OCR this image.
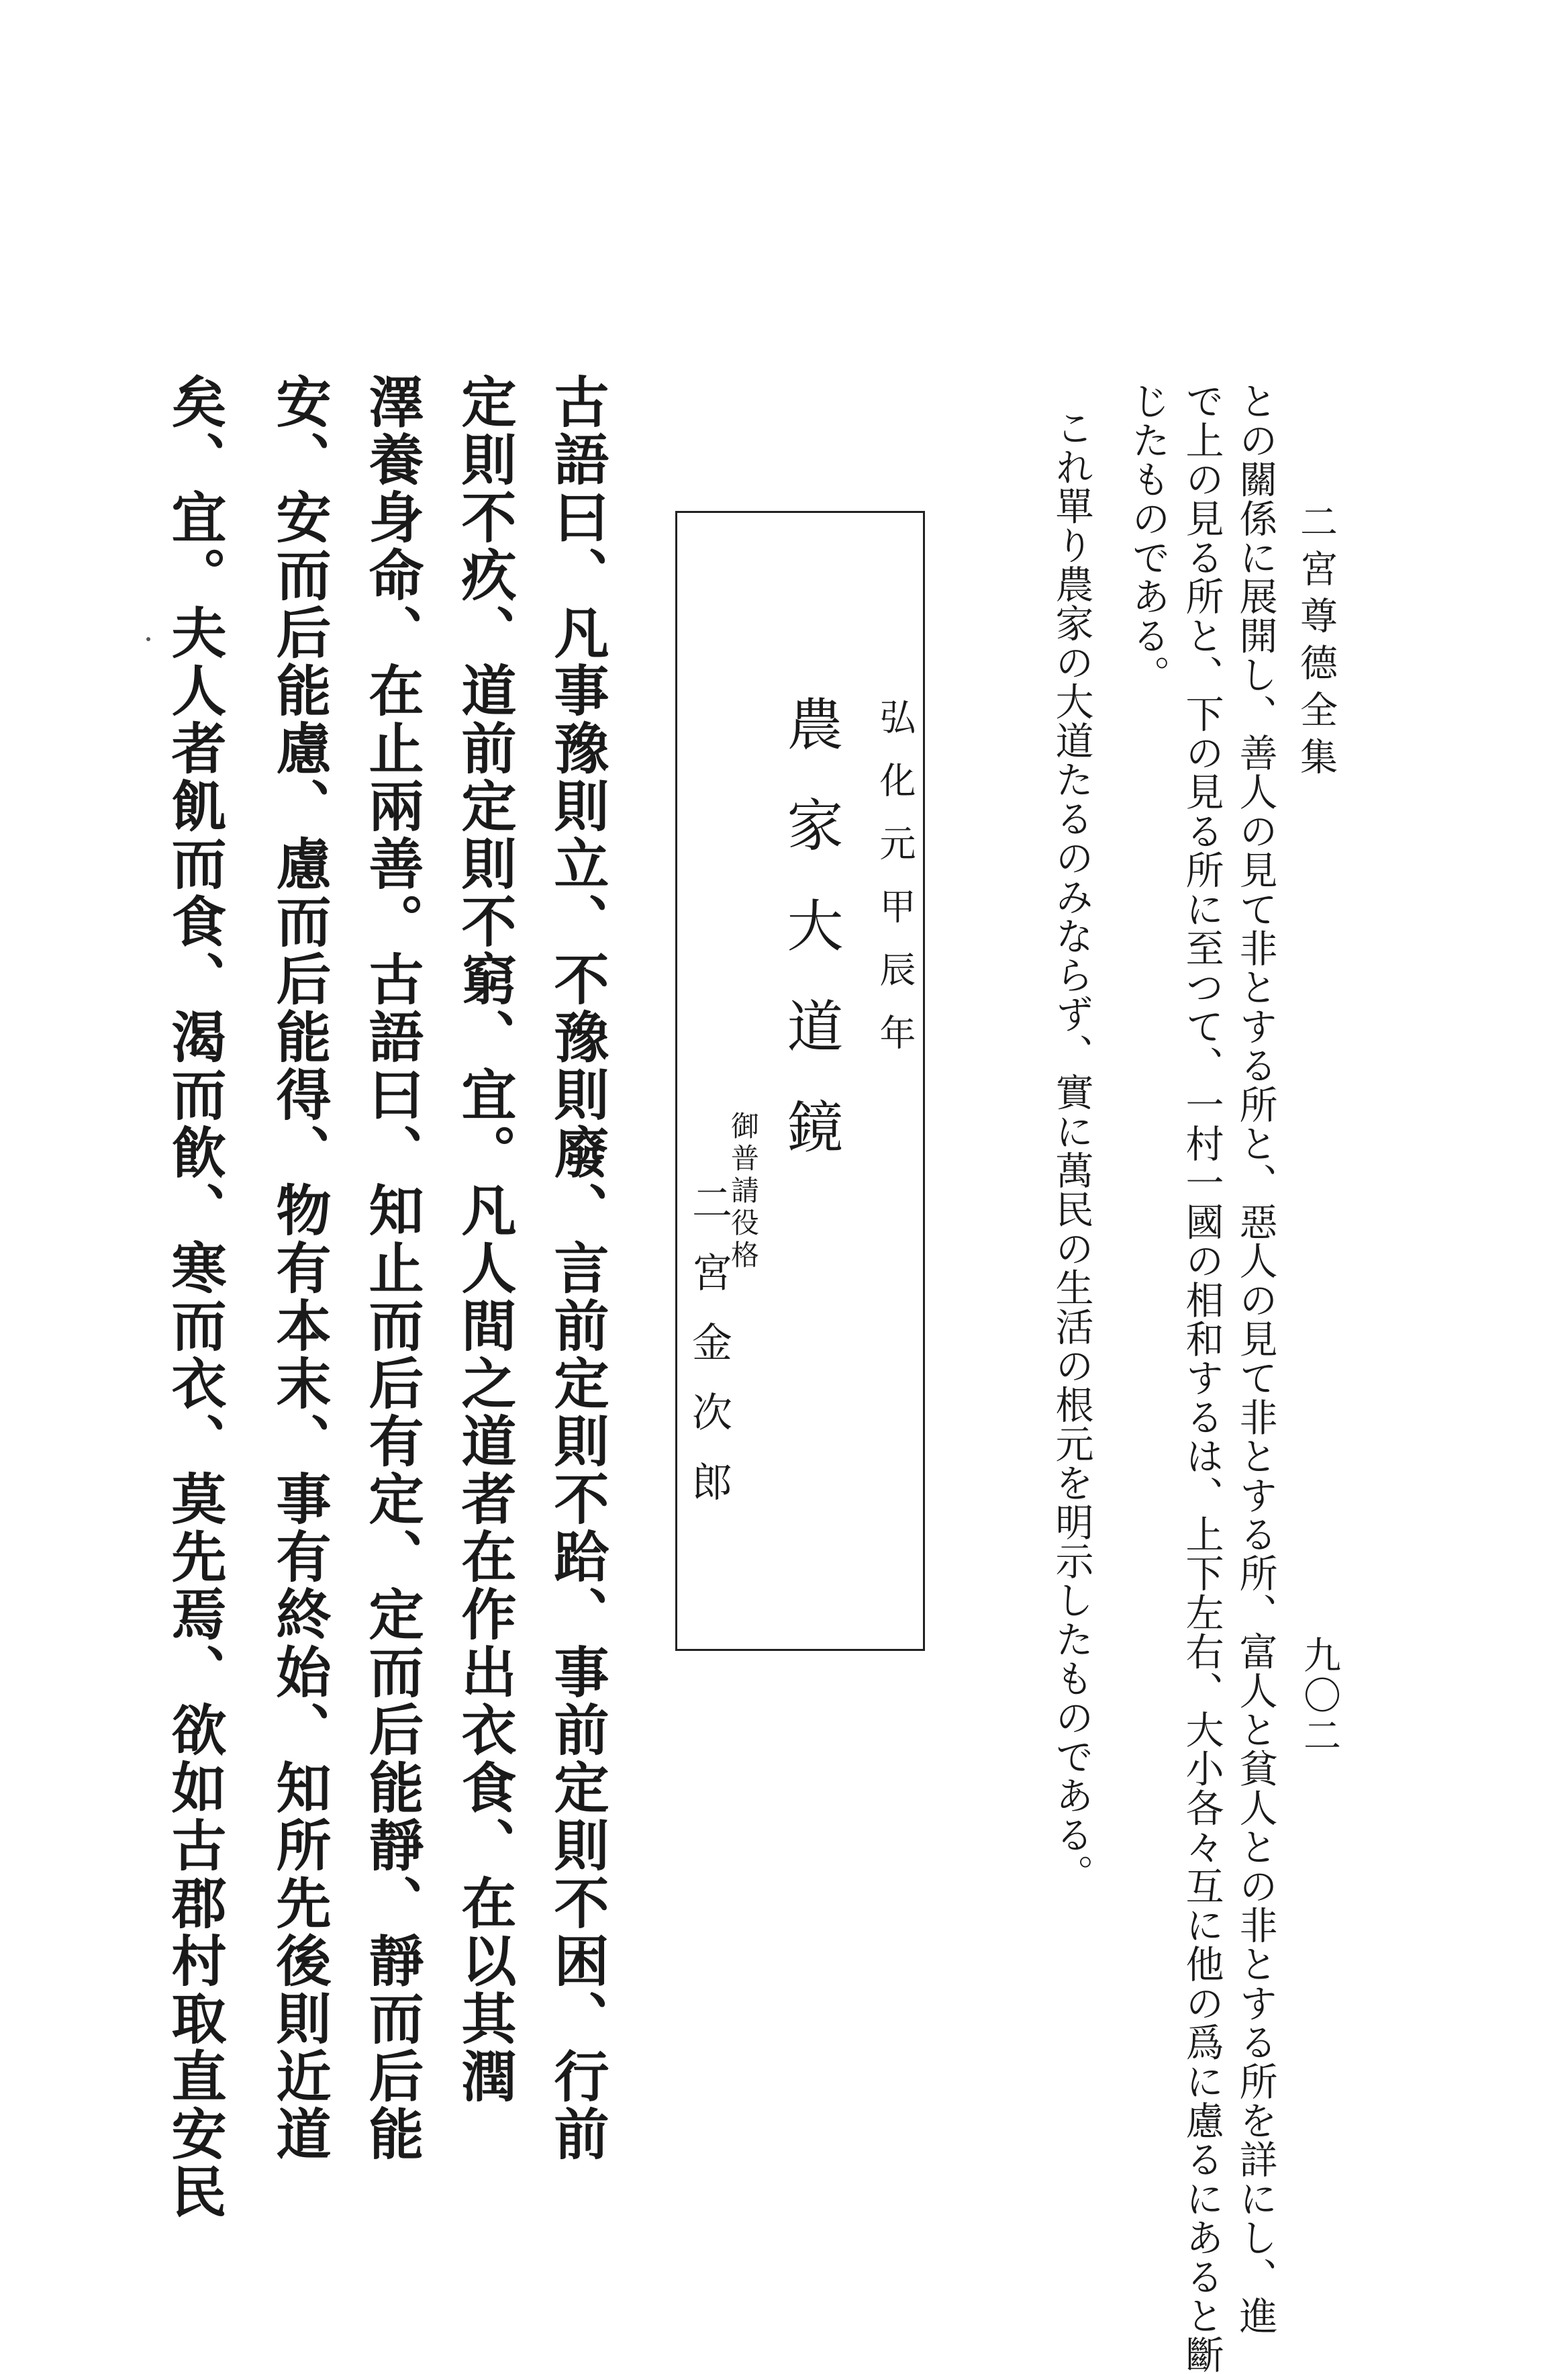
二宮尊德全集
九〇二

との關係に展開し、善人の見て非とする所と、惡人の見て非とする所、富人と貧人との非とする所を詳にし、進

で上の見る所と、下の見る所に至つて、一村一國の相和するは、上下左右、大小各々互に他の爲に慮るにあると斷

じたものである。

これ單り農家の大道たるのみならず、實に萬民の生活の根元を明示したものである。

弘化元甲辰年
農家大道鏡
御普請役格
二宮金次郎

古語曰、凡事豫則立、不豫則廢、言前定則不跲、事前定則不困、行前

定則不疚、道前定則不窮、宜。凡人間之道者在作出衣食、在以其潤

澤養身命、在止兩善。古語曰、知止而后有定、定而后能靜、靜而后能

安、安而后能慮、慮而后能得、物有本末、事有終始、知所先後則近道

矣、宜。夫人者飢而食、渴而飮、寒而衣、莫先焉、欲如古郡村取直安民
